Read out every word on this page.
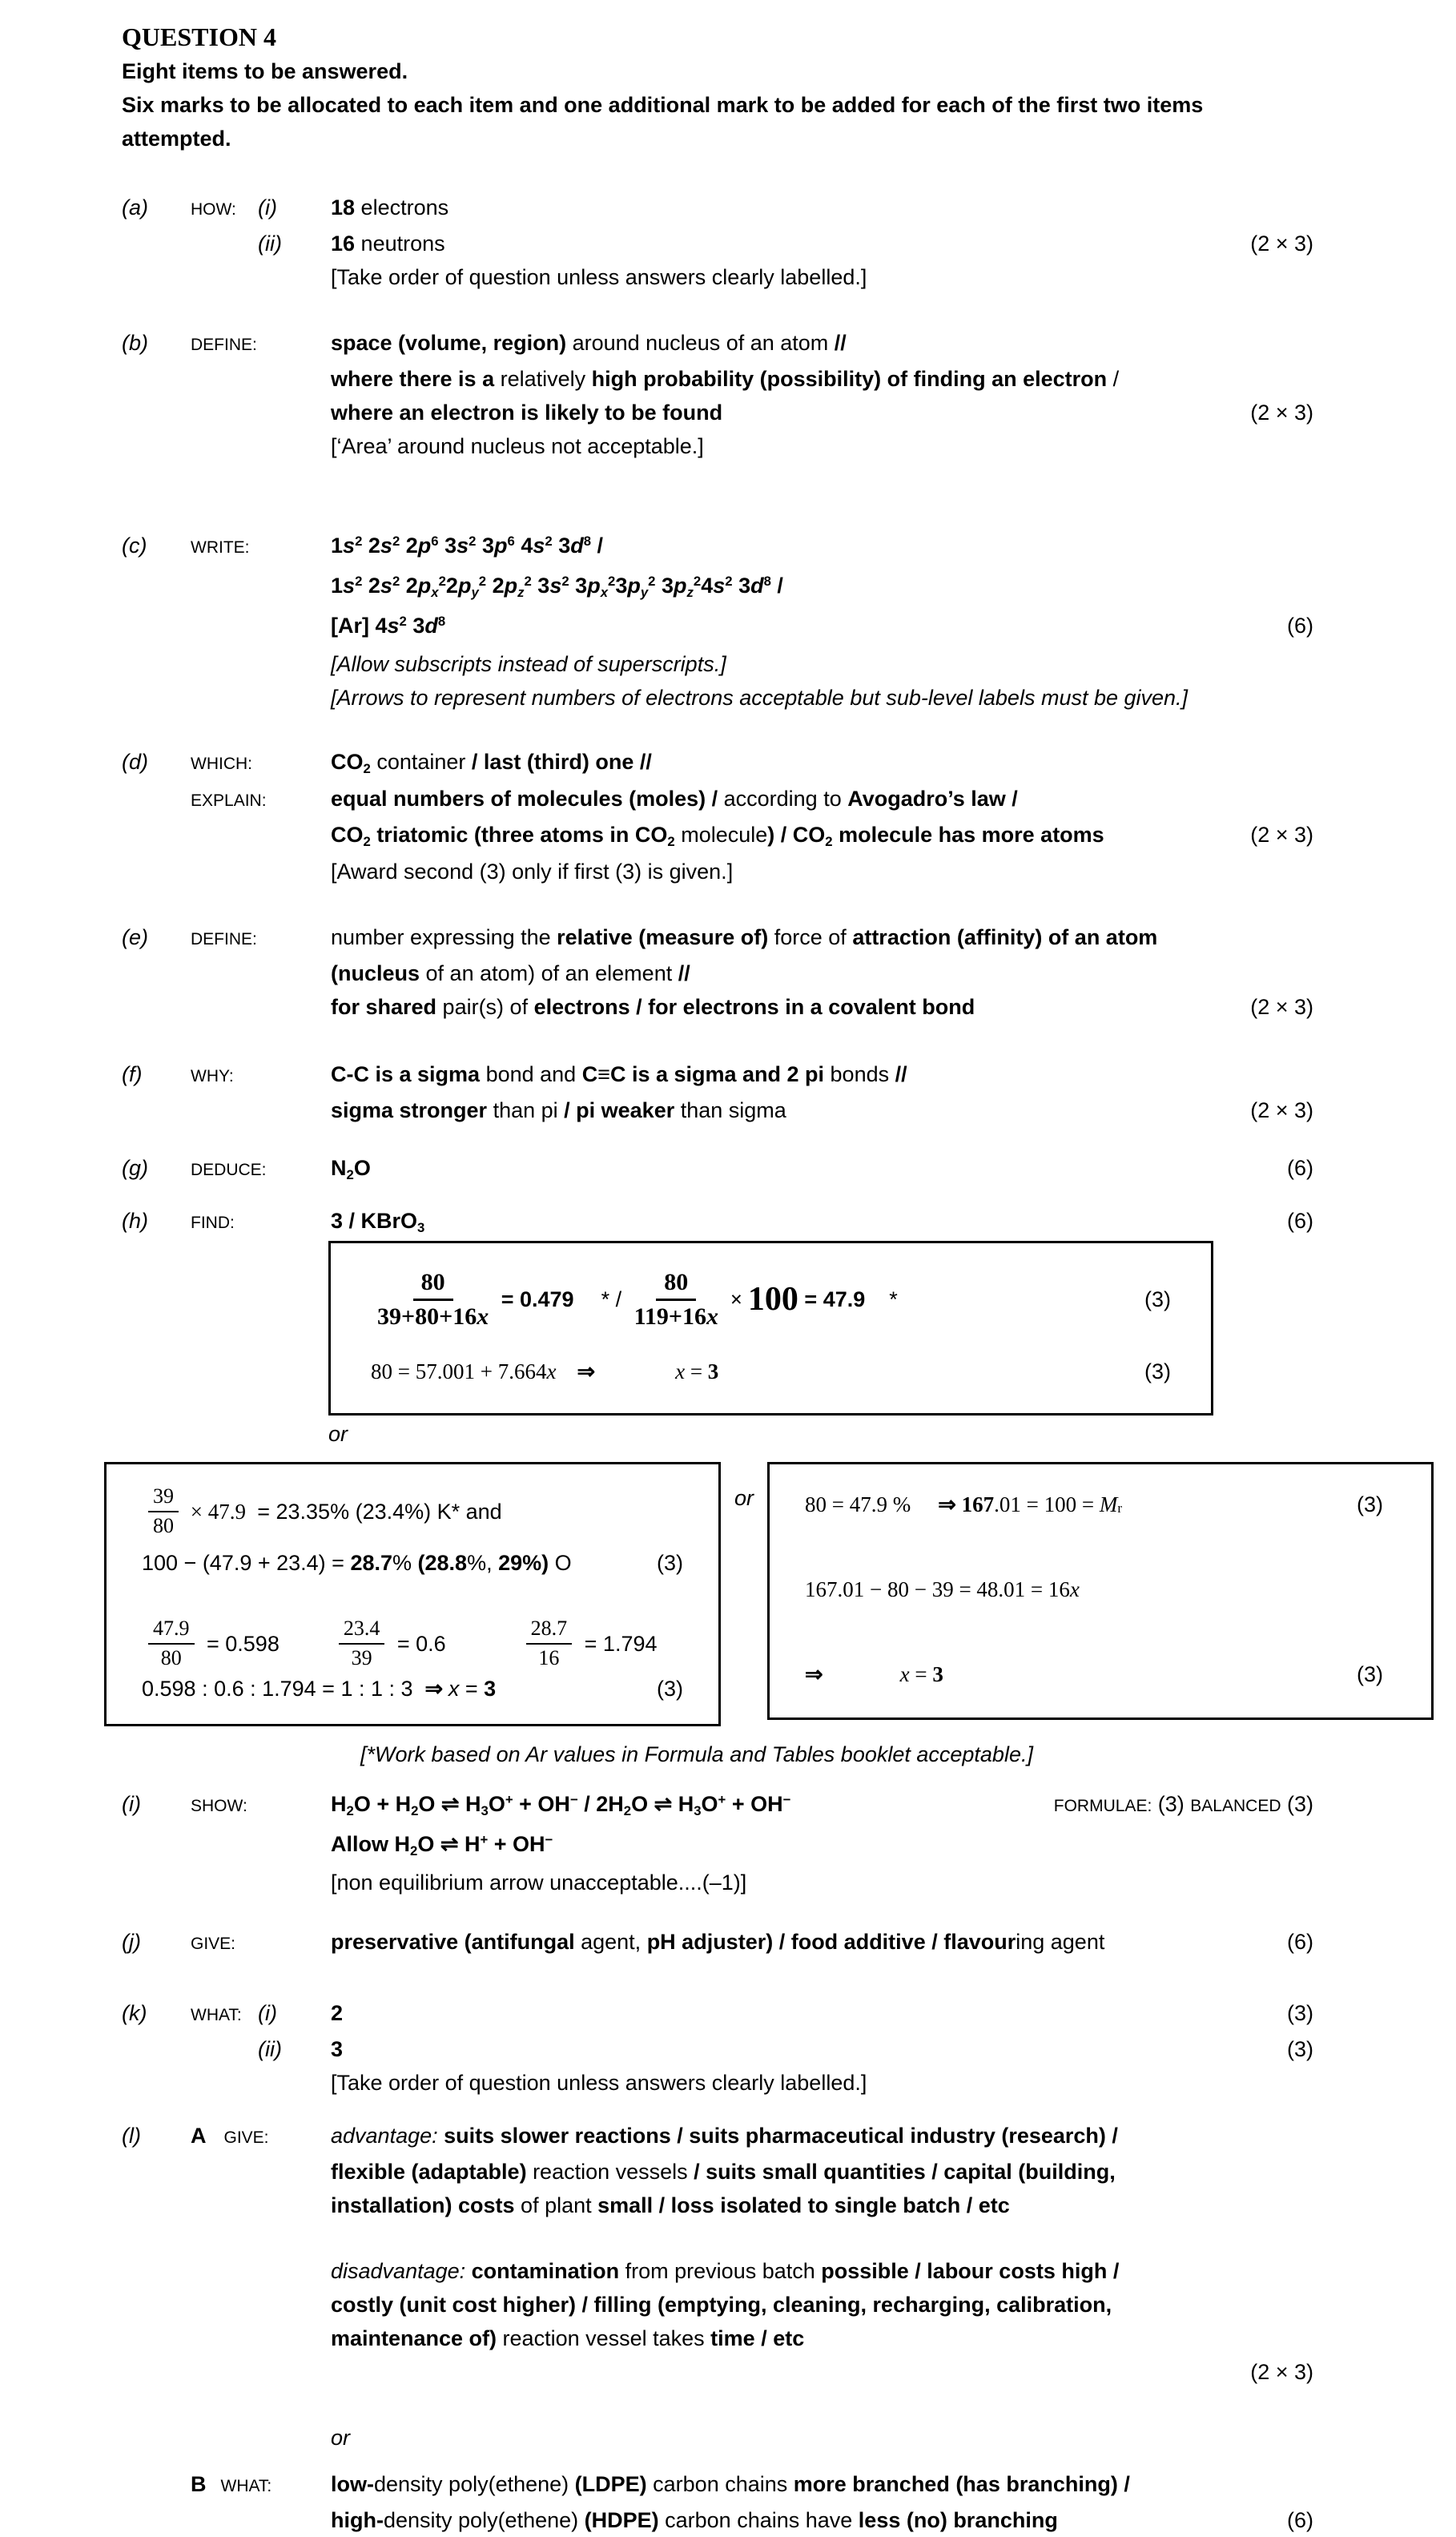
QUESTION 4
Eight items to be answered.
Six marks to be allocated to each item and one additional mark to be added for each of the first two items attempted.
(a)	HOW: (i) 18 electrons
(ii) 16 neutrons	(2 × 3)
[Take order of question unless answers clearly labelled.]
(b)	DEFINE:	space (volume, region) around nucleus of an atom //
where there is a relatively high probability (possibility) of finding an electron /
where an electron is likely to be found	(2 × 3)
[‘Area’ around nucleus not acceptable.]
(c)	WRITE:	$1s^2$ $2s^2$ $2p^6$ $3s^2$ $3p^6$ $4s^2$ $3d^8$ /
$1s^2$ $2s^2$ $2px^22py^2$ $2pz^2$ $3s^2$ $3px^23py^2$ $3pz^24s^2$ $3d^8$ /
[Ar] $4s^2$ $3d^8$	(6)
[Allow subscripts instead of superscripts.]
[Arrows to represent numbers of electrons acceptable but sub-level labels must be given.]
(d)	WHICH:	CO2 container / last (third) one //
EXPLAIN:	equal numbers of molecules (moles) / according to Avogadro’s law /
CO2 triatomic (three atoms in CO2 molecule) / CO2 molecule has more atoms	(2 × 3)
[Award second (3) only if first (3) is given.]
(e)	DEFINE:	number expressing the relative (measure of) force of attraction (affinity) of an atom
(nucleus of an atom) of an element //
for shared pair(s) of electrons / for electrons in a covalent bond	(2 × 3)
(f)	WHY:	C-C is a sigma bond and C≡C is a sigma and 2 pi bonds //
sigma stronger than pi / pi weaker than sigma	(2 × 3)
(g)	DEDUCE:	N2O	(6)
(h)	FIND:	3 / KBrO3	(6)
$\frac{80}{39+80+16x} = 0.479$ * / $\frac{80}{119+16x} \times 100 = 47.9$ *	(3)
80 = 57.001 + 7.664 x ⇒	x = 3	(3)
or
$\frac{39}{80} \times 47.9 = 23.35\%$ (23.4%) K* and
100 − (47.9 + 23.4) = 28.7 % (28.8 %, 29 %) O	(3)
$\frac{47.9}{80} = 0.598$	$\frac{23.4}{39} = 0.6$	$\frac{28.7}{16} = 1.794$
0.598 : 0.6 : 1.794 = 1 : 1 : 3 ⇒ x = 3	(3)
or	80 = 47.9 % ⇒ 167 .01 = 100 = M r	(3)
167.01 − 80 − 39 = 48.01 = 16 x
⇒	x = 3	(3)
[*Work based on Ar values in Formula and Tables booklet acceptable.]
(i)	SHOW:	H2O + H2O ⇌ H3O+ + OH− / 2H2O ⇌ H3O+ + OH−	FORMULAE: (3) BALANCED (3)
Allow H2O ⇌ H+ + OH−
[non equilibrium arrow unacceptable....(–1)]
(j)	GIVE:	preservative (antifungal agent, pH adjuster) / food additive / flavouring agent	(6)
(k)	WHAT: (i) 2	(3)
(ii) 3	(3)
[Take order of question unless answers clearly labelled.]
(l)	A GIVE:	advantage: suits slower reactions / suits pharmaceutical industry (research) /
flexible (adaptable) reaction vessels / suits small quantities / capital (building,
installation) costs of plant small / loss isolated to single batch / etc
disadvantage: contamination from previous batch possible / labour costs high /
costly (unit cost higher) / filling (emptying, cleaning, recharging, calibration,
maintenance of) reaction vessel takes time / etc
(2 × 3)
or
B WHAT:	low-density poly(ethene) (LDPE) carbon chains more branched (has branching) /
high-density poly(ethene) (HDPE) carbon chains have less (no) branching	(6)
